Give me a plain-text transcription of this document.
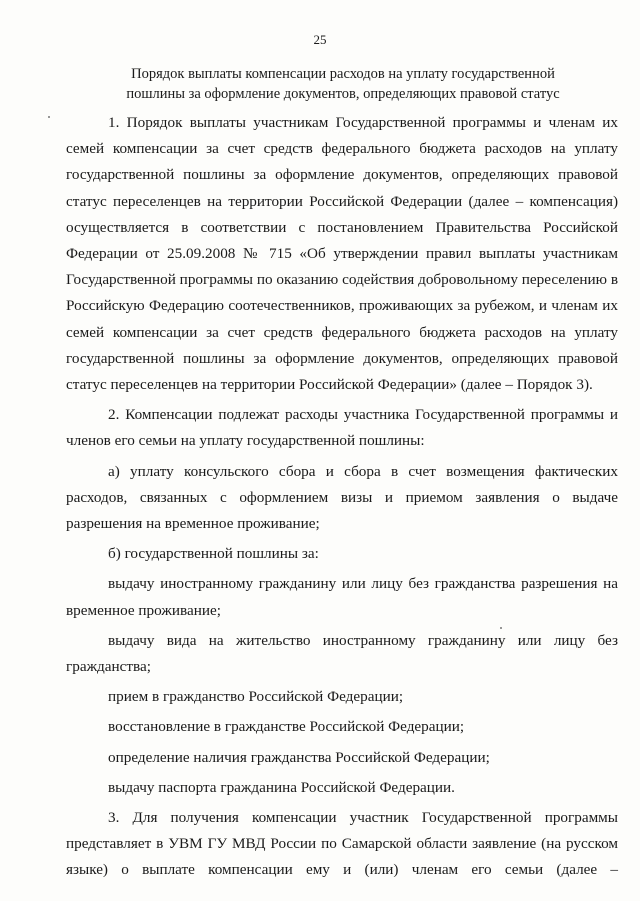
25
Порядок выплаты компенсации расходов на уплату государственной
пошлины за оформление документов, определяющих правовой статус

1. Порядок выплаты участникам Государственной программы и членам их семей компенсации за счет средств федерального бюджета расходов на уплату государственной пошлины за оформление документов, определяющих правовой статус переселенцев на территории Российской Федерации (далее – компенсация) осуществляется в соответствии с постановлением Правительства Российской Федерации от 25.09.2008 № 715 «Об утверждении правил выплаты участникам Государственной программы по оказанию содействия добровольному переселению в Российскую Федерацию соотечественников, проживающих за рубежом, и членам их семей компенсации за счет средств федерального бюджета расходов на уплату государственной пошлины за оформление документов, определяющих правовой статус переселенцев на территории Российской Федерации» (далее – Порядок 3).

2. Компенсации подлежат расходы участника Государственной программы и членов его семьи на уплату государственной пошлины:

а) уплату консульского сбора и сбора в счет возмещения фактических расходов, связанных с оформлением визы и приемом заявления о выдаче разрешения на временное проживание;

б) государственной пошлины за:

выдачу иностранному гражданину или лицу без гражданства разрешения на временное проживание;

выдачу вида на жительство иностранному гражданину или лицу без гражданства;

прием в гражданство Российской Федерации;

восстановление в гражданстве Российской Федерации;

определение наличия гражданства Российской Федерации;

выдачу паспорта гражданина Российской Федерации.

3. Для получения компенсации участник Государственной программы представляет в УВМ ГУ МВД России по Самарской области заявление (на русском языке) о выплате компенсации ему и (или) членам его семьи (далее –
